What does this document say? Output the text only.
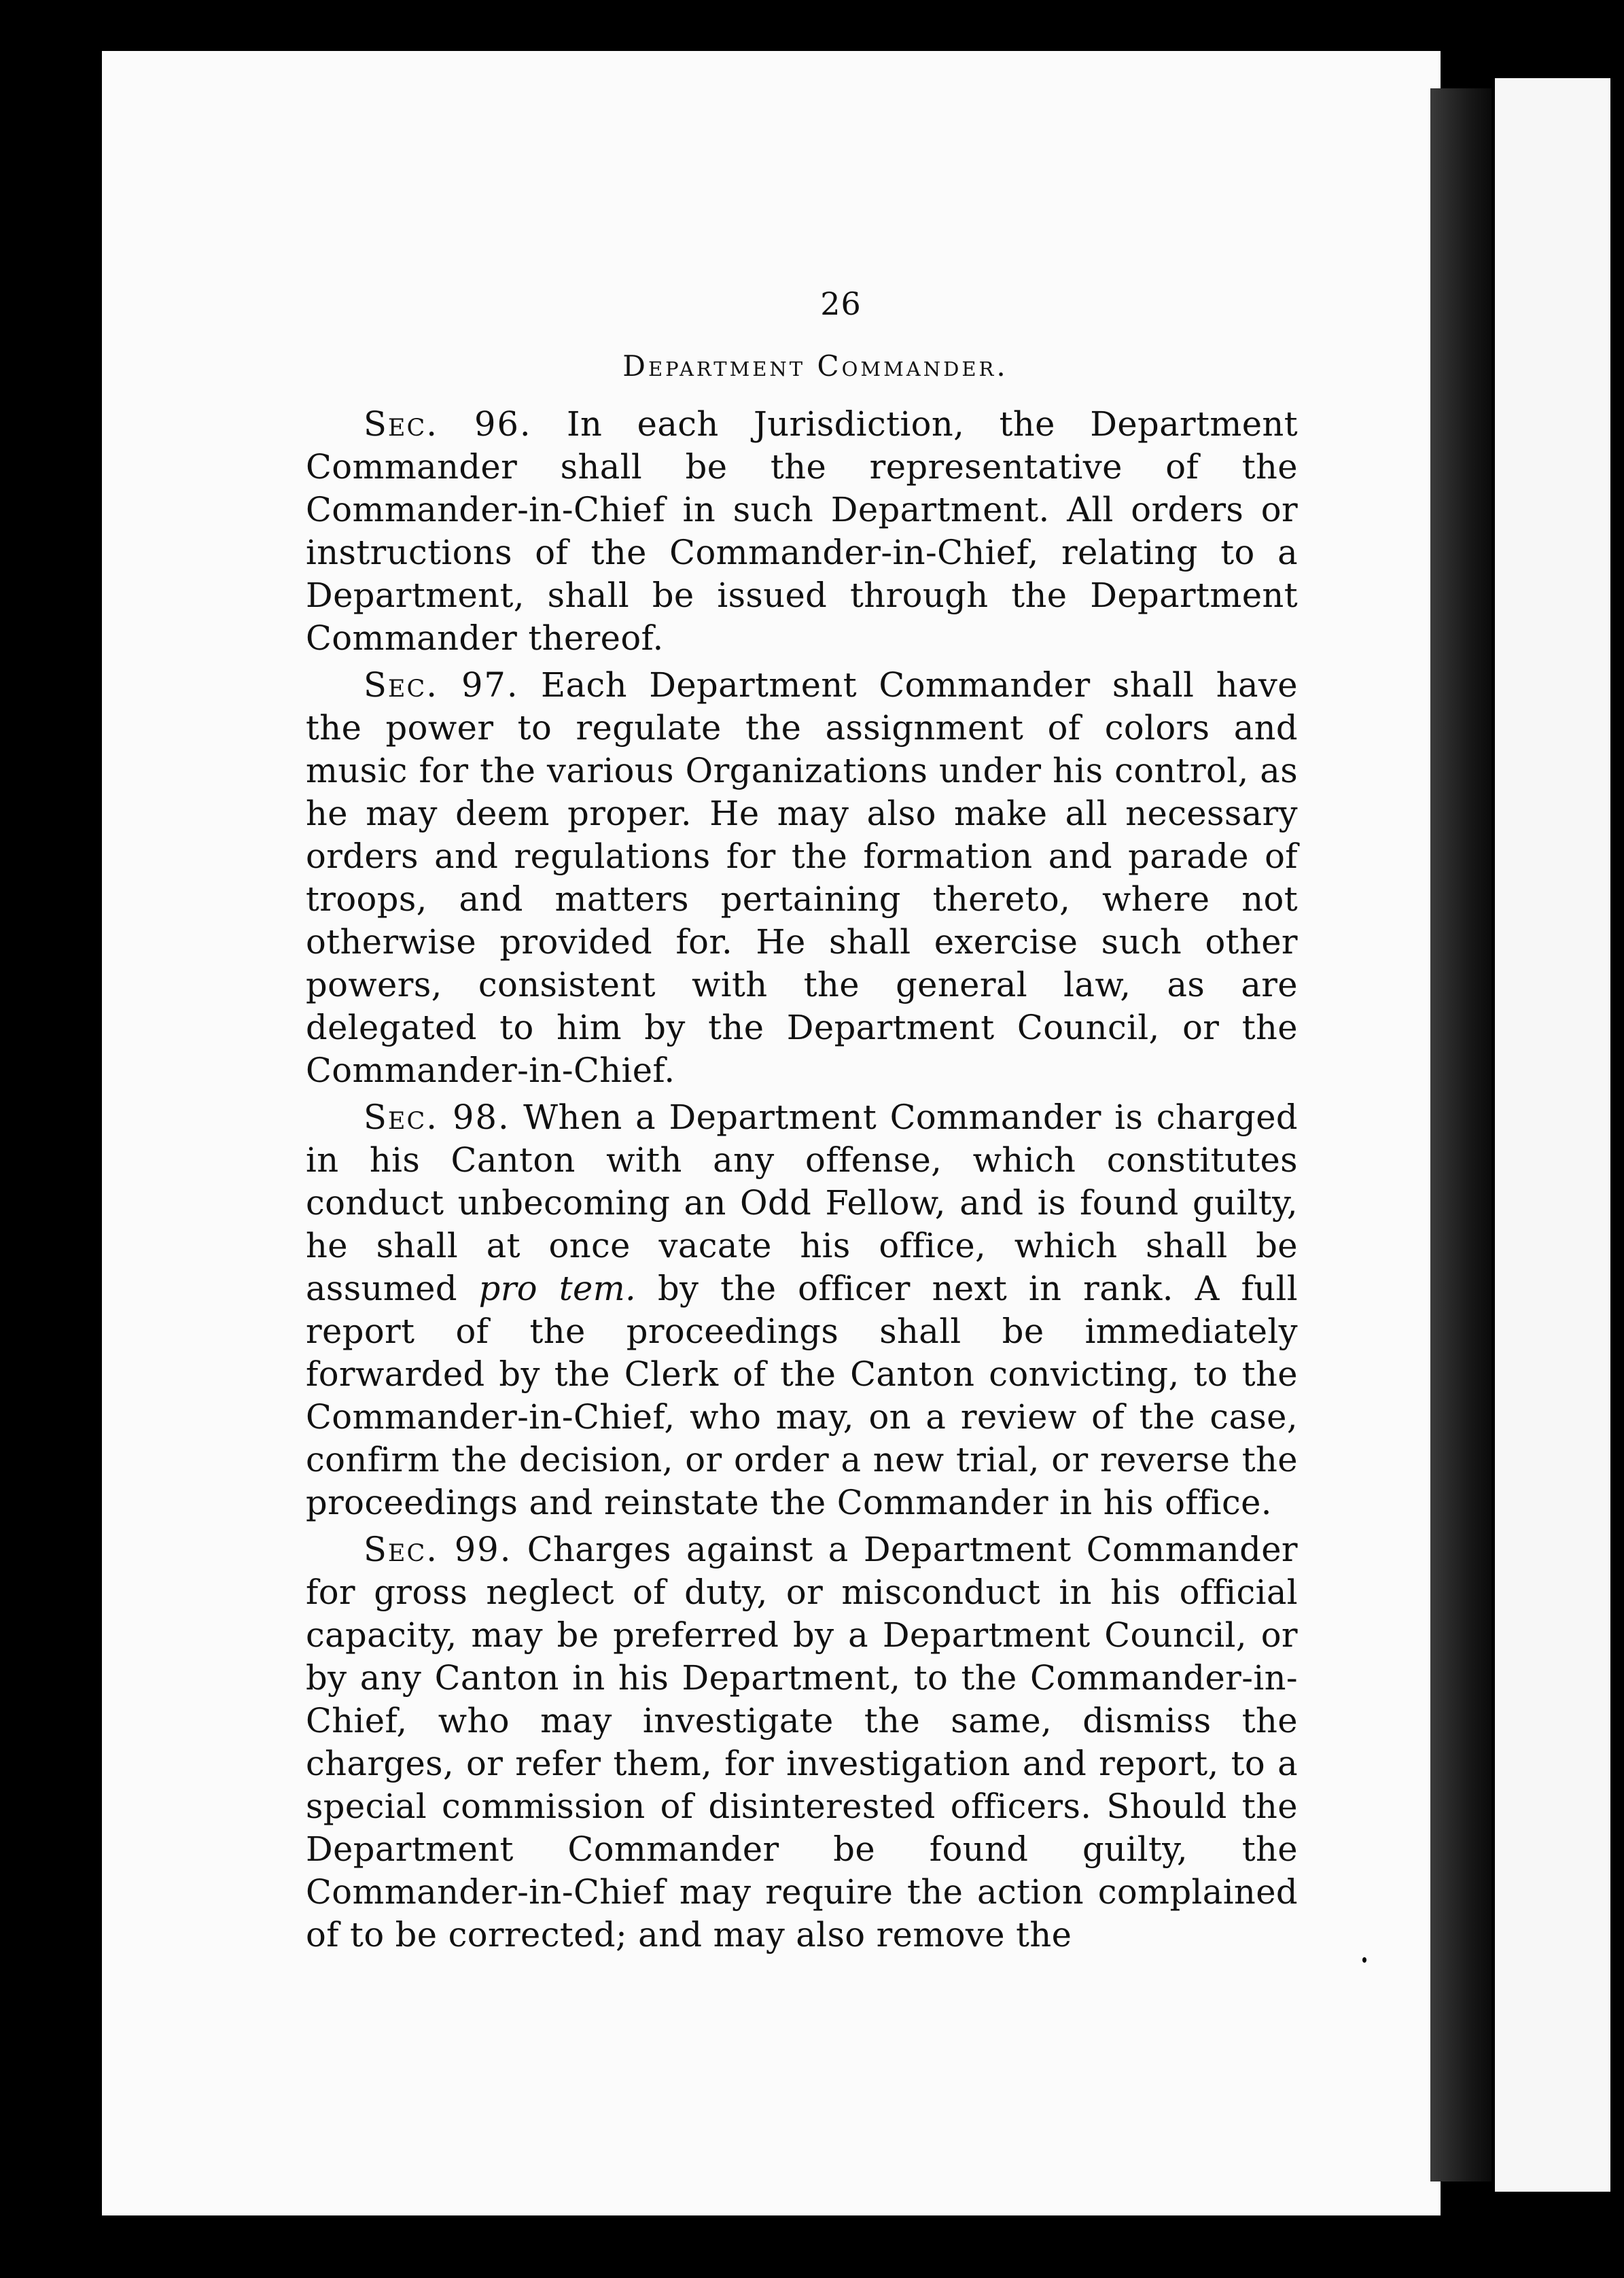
26
Department Commander.

Sec. 96. In each Jurisdiction, the Department Commander shall be the representative of the Commander-in-Chief in such Department. All orders or instructions of the Commander-in-Chief, relating to a Department, shall be issued through the Department Commander thereof.

Sec. 97. Each Department Commander shall have the power to regulate the assignment of colors and music for the various Organizations under his control, as he may deem proper. He may also make all necessary orders and regulations for the formation and parade of troops, and matters pertaining thereto, where not otherwise provided for. He shall exercise such other powers, consistent with the general law, as are delegated to him by the Department Council, or the Commander-in-Chief.

Sec. 98. When a Department Commander is charged in his Canton with any offense, which constitutes conduct unbecoming an Odd Fellow, and is found guilty, he shall at once vacate his office, which shall be assumed pro tem. by the officer next in rank. A full report of the proceedings shall be immediately forwarded by the Clerk of the Canton convicting, to the Commander-in-Chief, who may, on a review of the case, confirm the decision, or order a new trial, or reverse the proceedings and reinstate the Commander in his office.

Sec. 99. Charges against a Department Commander for gross neglect of duty, or misconduct in his official capacity, may be preferred by a Department Council, or by any Canton in his Department, to the Commander-in-Chief, who may investigate the same, dismiss the charges, or refer them, for investigation and report, to a special commission of disinterested officers. Should the Department Commander be found guilty, the Commander-in-Chief may require the action complained of to be corrected; and may also remove the
